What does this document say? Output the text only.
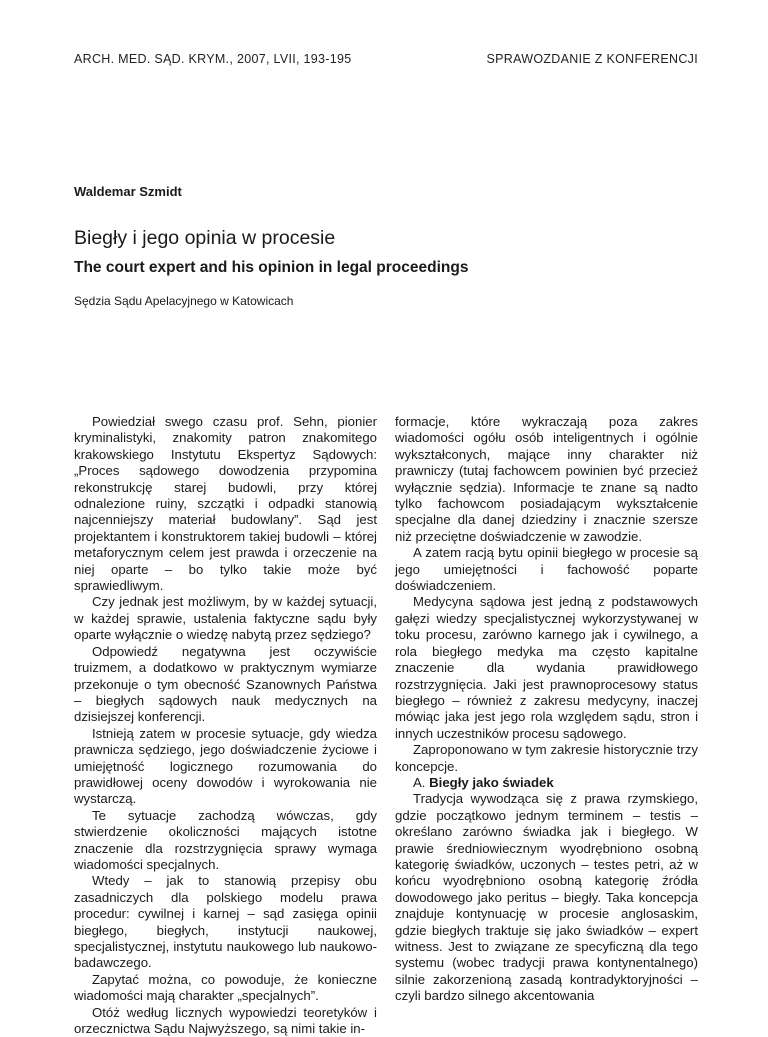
ARCH. MED. SĄD. KRYM., 2007, LVII, 193-195	SPRAWOZDANIE Z KONFERENCJI
Waldemar Szmidt
Biegły i jego opinia w procesie
The court expert and his opinion in legal proceedings
Sędzia Sądu Apelacyjnego w Katowicach

Powiedział swego czasu prof. Sehn, pionier kryminalistyki, znakomity patron znakomitego krakowskiego Instytutu Ekspertyz Sądowych: „Proces sądowego dowodzenia przypomina rekonstrukcję starej budowli, przy której odnalezione ruiny, szczątki i odpadki stanowią najcenniejszy materiał budowlany”. Sąd jest projektantem i konstruktorem takiej budowli – której metaforycznym celem jest prawda i orzeczenie na niej oparte – bo tylko takie może być sprawiedliwym.

Czy jednak jest możliwym, by w każdej sytuacji, w każdej sprawie, ustalenia faktyczne sądu były oparte wyłącznie o wiedzę nabytą przez sędziego?

Odpowiedź negatywna jest oczywiście truizmem, a dodatkowo w praktycznym wymiarze przekonuje o tym obecność Szanownych Państwa – biegłych sądowych nauk medycznych na dzisiejszej konferencji.

Istnieją zatem w procesie sytuacje, gdy wiedza prawnicza sędziego, jego doświadczenie życiowe i umiejętność logicznego rozumowania do prawidłowej oceny dowodów i wyrokowania nie wystarczą.

Te sytuacje zachodzą wówczas, gdy stwierdzenie okoliczności mających istotne znaczenie dla rozstrzygnięcia sprawy wymaga wiadomości specjalnych.

Wtedy – jak to stanowią przepisy obu zasadniczych dla polskiego modelu prawa procedur: cywilnej i karnej – sąd zasięga opinii biegłego, biegłych, instytucji naukowej, specjalistycznej, instytutu naukowego lub naukowo-badawczego.

Zapytać można, co powoduje, że konieczne wiadomości mają charakter „specjalnych”.

Otóż według licznych wypowiedzi teoretyków i orzecznictwa Sądu Najwyższego, są nimi takie in-

formacje, które wykraczają poza zakres wiadomości ogółu osób inteligentnych i ogólnie wykształconych, mające inny charakter niż prawniczy (tutaj fachowcem powinien być przecież wyłącznie sędzia). Informacje te znane są nadto tylko fachowcom posiadającym wykształcenie specjalne dla danej dziedziny i znacznie szersze niż przeciętne doświadczenie w zawodzie.

A zatem racją bytu opinii biegłego w procesie są jego umiejętności i fachowość poparte doświadczeniem.

Medycyna sądowa jest jedną z podstawowych gałęzi wiedzy specjalistycznej wykorzystywanej w toku procesu, zarówno karnego jak i cywilnego, a rola biegłego medyka ma często kapitalne znaczenie dla wydania prawidłowego rozstrzygnięcia. Jaki jest prawnoprocesowy status biegłego – również z zakresu medycyny, inaczej mówiąc jaka jest jego rola względem sądu, stron i innych uczestników procesu sądowego.

Zaproponowano w tym zakresie historycznie trzy koncepcje.

A. Biegły jako świadek

Tradycja wywodząca się z prawa rzymskiego, gdzie początkowo jednym terminem – testis – określano zarówno świadka jak i biegłego. W prawie średniowiecznym wyodrębniono osobną kategorię świadków, uczonych – testes petri, aż w końcu wyodrębniono osobną kategorię źródła dowodowego jako peritus – biegły. Taka koncepcja znajduje kontynuację w procesie anglosaskim, gdzie biegłych traktuje się jako świadków – expert witness. Jest to związane ze specyficzną dla tego systemu (wobec tradycji prawa kontynentalnego) silnie zakorzenioną zasadą kontradyktoryjności – czyli bardzo silnego akcentowania
